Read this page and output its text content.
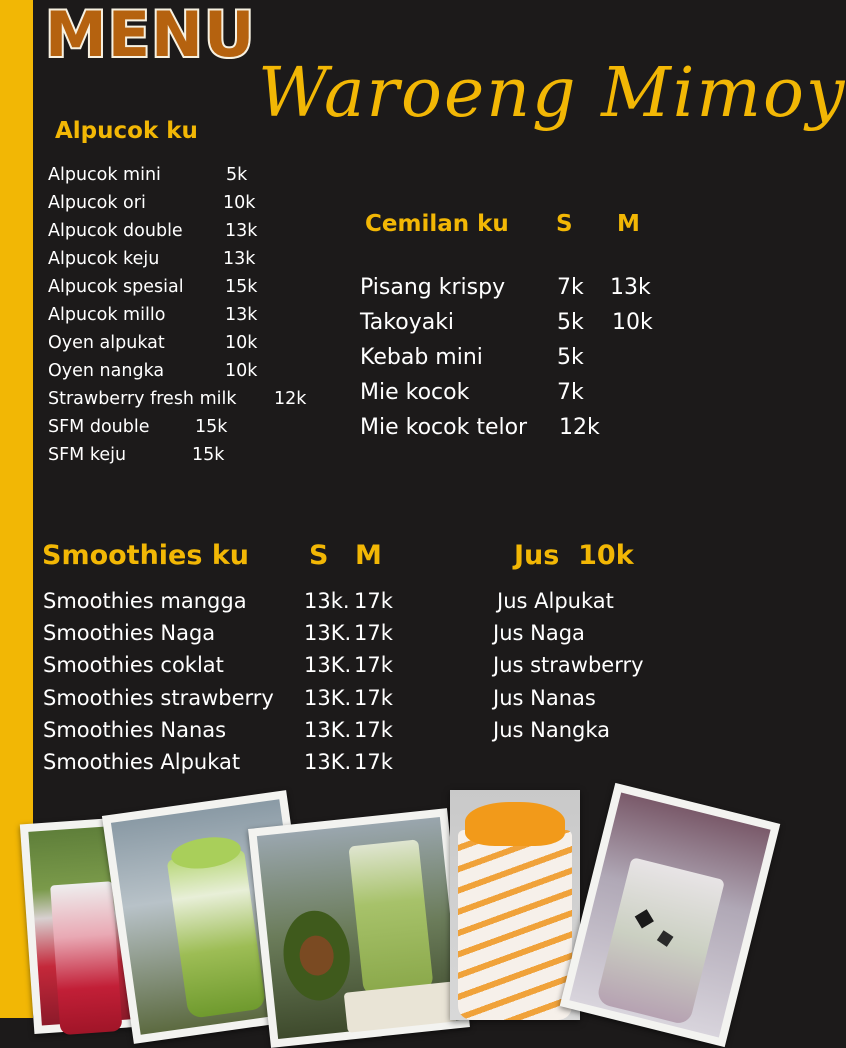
MENU
Waroeng Mimoy
Alpucok ku
Alpucok mini	5k
Alpucok ori	10k
Alpucok double 13k
Alpucok keju	13k
Alpucok spesial 15k
Alpucok millo	13k
Oyen alpukat	10k
Oyen nangka	10k
Strawberry fresh milk 12k
SFM double	15k
SFM keju	15k
Cemilan ku S M
Pisang krispy 7k 13k
Takoyaki	5k 10k
Kebab mini	5k
Mie kocok	7k
Mie kocok telor 12k
Smoothies ku S M
Smoothies mangga	13k. 17k
Smoothies Naga	13K. 17k
Smoothies coklat	13K. 17k
Smoothies strawberry 13K. 17k
Smoothies Nanas	13K. 17k
Smoothies Alpukat	13K. 17k
Jus  10k
Jus Alpukat
Jus Naga
Jus strawberry
Jus Nanas
Jus Nangka
